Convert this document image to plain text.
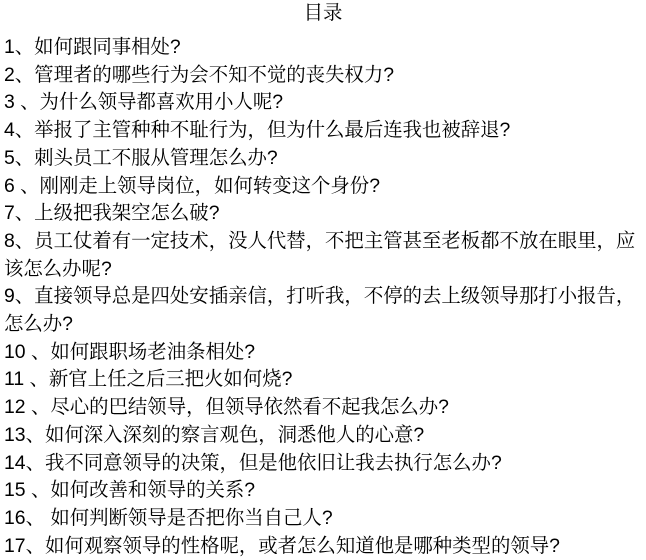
目录

1、如何跟同事相处?

2、管理者的哪些行为会不知不觉的丧失权力?

3 、为什么领导都喜欢用小人呢?

4、举报了主管种种不耻行为，但为什么最后连我也被辞退?

5、刺头员工不服从管理怎么办?

6 、刚刚走上领导岗位，如何转变这个身份?

7、上级把我架空怎么破?

8、员工仗着有一定技术，没人代替，不把主管甚至老板都不放在眼里，应该怎么办呢?

9、直接领导总是四处安插亲信，打听我，不停的去上级领导那打小报告，怎么办?

10 、如何跟职场老油条相处?

11 、新官上任之后三把火如何烧?

12 、尽心的巴结领导，但领导依然看不起我怎么办?

13、如何深入深刻的察言观色，洞悉他人的心意?

14、我不同意领导的决策，但是他依旧让我去执行怎么办?

15 、如何改善和领导的关系?

16、 如何判断领导是否把你当自己人?

17、如何观察领导的性格呢，或者怎么知道他是哪种类型的领导?
